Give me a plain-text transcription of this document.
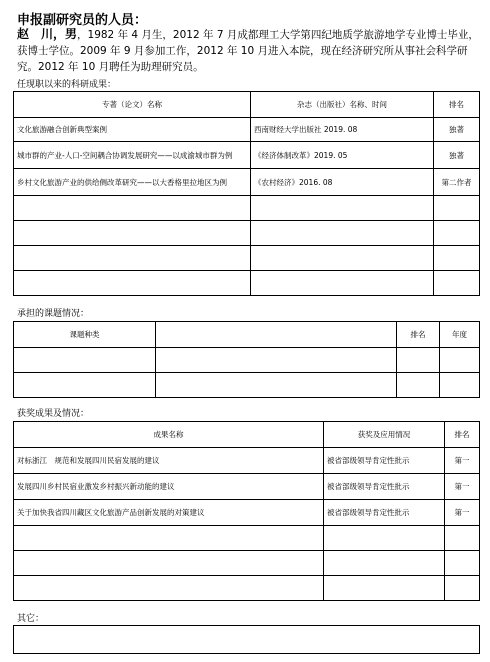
申报副研究员的人员：

赵　川，男，1982 年 4 月生，2012 年 7 月成都理工大学第四纪地质学旅游地学专业博士毕业，获博士学位。2009 年 9 月参加工作，2012 年 10 月进入本院，现在经济研究所从事社会科学研究。2012 年 10 月聘任为助理研究员。

任现职以来的科研成果：
专著（论文）名称	杂志（出版社）名称、时间	排名
文化旅游融合创新典型案例	西南财经大学出版社 2019. 08	独著
城市群的产业-人口-空间耦合协调发展研究——以成渝城市群为例	《经济体制改革》2019. 05	独著
乡村文化旅游产业的供给侧改革研究——以大香格里拉地区为例	《农村经济》2016. 08	第二作者

承担的课题情况：
课题种类		排名	年度

获奖成果及情况：
成果名称	获奖及应用情况	排名
对标浙江　规范和发展四川民宿发展的建议	被省部级领导肯定性批示	第一
发展四川乡村民宿业激发乡村振兴新动能的建议	被省部级领导肯定性批示	第一
关于加快我省四川藏区文化旅游产品创新发展的对策建议	被省部级领导肯定性批示	第一

其它：
